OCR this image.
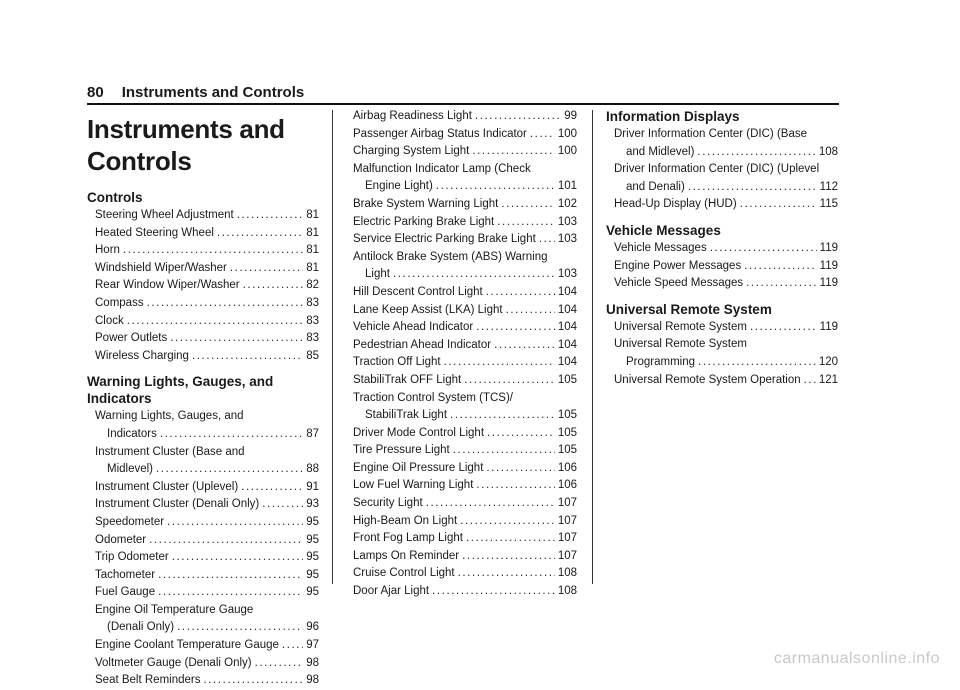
80 Instruments and Controls
Instruments and Controls
Controls
Steering Wheel Adjustment .....	81
Heated Steering Wheel .....	81
Horn .....	81
Windshield Wiper/Washer .....	81
Rear Window Wiper/Washer .....	82
Compass .....	83
Clock .....	83
Power Outlets .....	83
Wireless Charging .....	85
Warning Lights, Gauges, and Indicators
Warning Lights, Gauges, and
Indicators .....	87
Instrument Cluster (Base and
Midlevel) .....	88
Instrument Cluster (Uplevel) .....	91
Instrument Cluster (Denali Only) .....	93
Speedometer .....	95
Odometer .....	95
Trip Odometer .....	95
Tachometer .....	95
Fuel Gauge .....	95
Engine Oil Temperature Gauge
(Denali Only) .....	96
Engine Coolant Temperature Gauge ..... 97
Voltmeter Gauge (Denali Only) .....	98
Seat Belt Reminders .....	98
Airbag Readiness Light .....	99
Passenger Airbag Status Indicator .....	100
Charging System Light .....	100
Malfunction Indicator Lamp (Check
Engine Light) .....	101
Brake System Warning Light .....	102
Electric Parking Brake Light .....	103
Service Electric Parking Brake Light ..... 103
Antilock Brake System (ABS) Warning
Light .....	103
Hill Descent Control Light .....	104
Lane Keep Assist (LKA) Light .....	104
Vehicle Ahead Indicator .....	104
Pedestrian Ahead Indicator .....	104
Traction Off Light .....	104
StabiliTrak OFF Light .....	105
Traction Control System (TCS)/
StabiliTrak Light .....	105
Driver Mode Control Light .....	105
Tire Pressure Light .....	105
Engine Oil Pressure Light .....	106
Low Fuel Warning Light .....	106
Security Light .....	107
High-Beam On Light .....	107
Front Fog Lamp Light .....	107
Lamps On Reminder .....	107
Cruise Control Light .....	108
Door Ajar Light .....	108
Information Displays
Driver Information Center (DIC) (Base
and Midlevel) .....	108
Driver Information Center (DIC) (Uplevel
and Denali) .....	112
Head-Up Display (HUD) .....	115
Vehicle Messages
Vehicle Messages .....	119
Engine Power Messages .....	119
Vehicle Speed Messages .....	119
Universal Remote System
Universal Remote System .....	119
Universal Remote System
Programming .....	120
Universal Remote System Operation ..... 121
carmanualsonline.info
